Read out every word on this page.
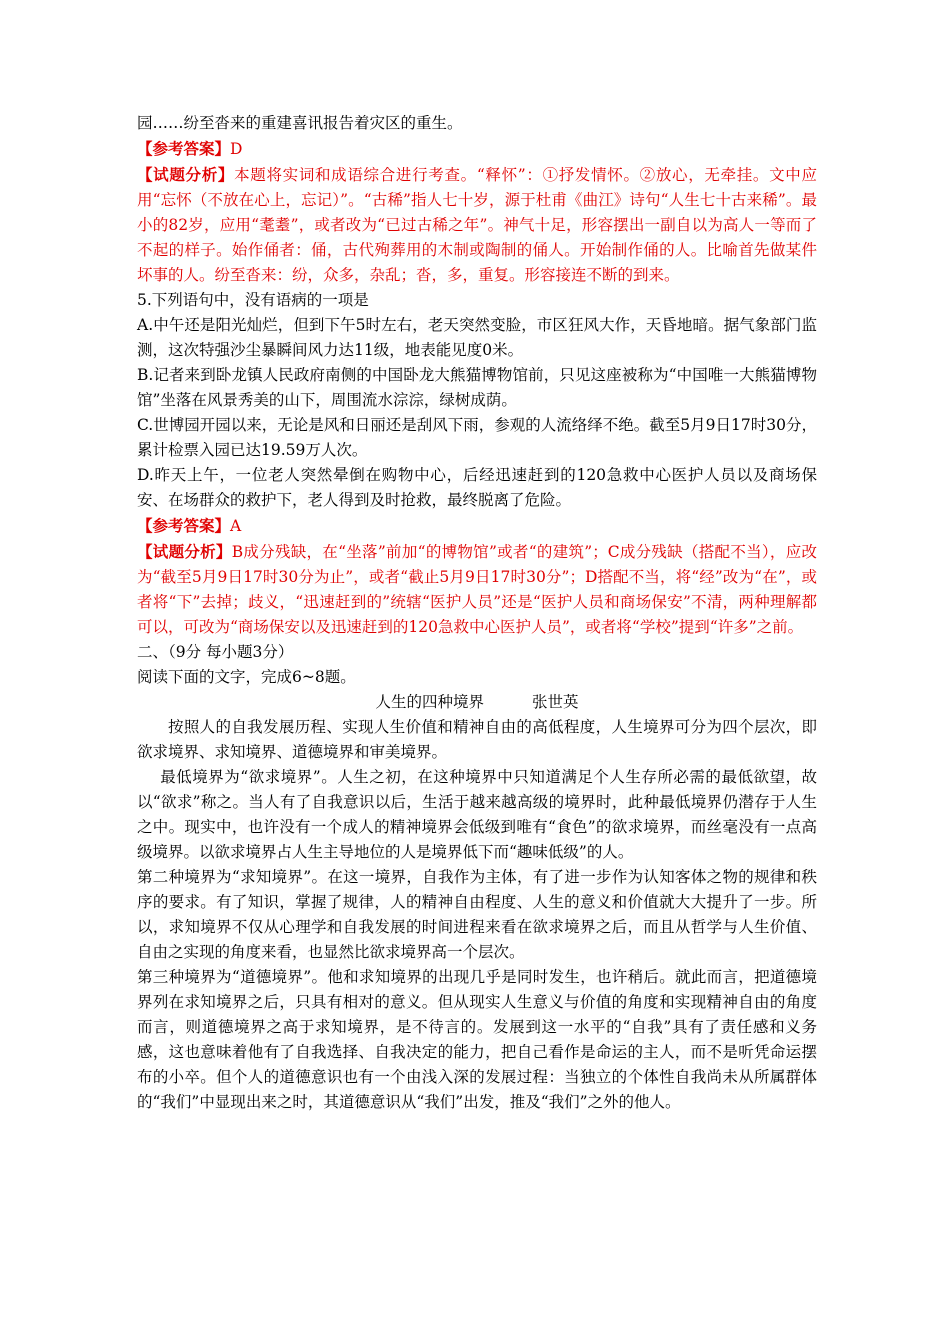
园……纷至沓来的重建喜讯报告着灾区的重生。

【参考答案】D

【试题分析】本题将实词和成语综合进行考查。“释怀”：①抒发情怀。②放心，无牵挂。文中应用“忘怀（不放在心上，忘记）”。“古稀”指人七十岁，源于杜甫《曲江》诗句“人生七十古来稀”。最小的82岁，应用“耄耋”，或者改为“已过古稀之年”。神气十足，形容摆出一副自以为高人一等而了不起的样子。始作俑者：俑，古代殉葬用的木制或陶制的俑人。开始制作俑的人。比喻首先做某件坏事的人。纷至沓来：纷，众多，杂乱；沓，多，重复。形容接连不断的到来。

5.下列语句中，没有语病的一项是

A.中午还是阳光灿烂，但到下午5时左右，老天突然变脸，市区狂风大作，天昏地暗。据气象部门监测，这次特强沙尘暴瞬间风力达11级，地表能见度0米。

B.记者来到卧龙镇人民政府南侧的中国卧龙大熊猫博物馆前，只见这座被称为“中国唯一大熊猫博物馆”坐落在风景秀美的山下，周围流水淙淙，绿树成荫。

C.世博园开园以来，无论是风和日丽还是刮风下雨，参观的人流络绎不绝。截至5月9日17时30分，累计检票入园已达19.59万人次。

D.昨天上午，一位老人突然晕倒在购物中心，后经迅速赶到的120急救中心医护人员以及商场保安、在场群众的救护下，老人得到及时抢救，最终脱离了危险。

【参考答案】A

【试题分析】B成分残缺，在“坐落”前加“的博物馆”或者“的建筑”；C成分残缺（搭配不当），应改为“截至5月9日17时30分为止”，或者“截止5月9日17时30分”；D搭配不当，将“经”改为“在”，或者将“下”去掉；歧义，“迅速赶到的”统辖“医护人员”还是“医护人员和商场保安”不清，两种理解都可以，可改为“商场保安以及迅速赶到的120急救中心医护人员”，或者将“学校”提到“许多”之前。

二、（9分 每小题3分）

阅读下面的文字，完成6~8题。

人生的四种境界	张世英

按照人的自我发展历程、实现人生价值和精神自由的高低程度，人生境界可分为四个层次，即欲求境界、求知境界、道德境界和审美境界。

最低境界为“欲求境界”。人生之初，在这种境界中只知道满足个人生存所必需的最低欲望，故以“欲求”称之。当人有了自我意识以后，生活于越来越高级的境界时，此种最低境界仍潜存于人生之中。现实中，也许没有一个成人的精神境界会低级到唯有“食色”的欲求境界，而丝毫没有一点高级境界。以欲求境界占人生主导地位的人是境界低下而“趣味低级”的人。

第二种境界为“求知境界”。在这一境界，自我作为主体，有了进一步作为认知客体之物的规律和秩序的要求。有了知识，掌握了规律，人的精神自由程度、人生的意义和价值就大大提升了一步。所以，求知境界不仅从心理学和自我发展的时间进程来看在欲求境界之后，而且从哲学与人生价值、自由之实现的角度来看，也显然比欲求境界高一个层次。

第三种境界为“道德境界”。他和求知境界的出现几乎是同时发生，也许稍后。就此而言，把道德境界列在求知境界之后，只具有相对的意义。但从现实人生意义与价值的角度和实现精神自由的角度而言，则道德境界之高于求知境界，是不待言的。发展到这一水平的“自我”具有了责任感和义务感，这也意味着他有了自我选择、自我决定的能力，把自己看作是命运的主人，而不是听凭命运摆布的小卒。但个人的道德意识也有一个由浅入深的发展过程：当独立的个体性自我尚未从所属群体的“我们”中显现出来之时，其道德意识从“我们”出发，推及“我们”之外的他人。
